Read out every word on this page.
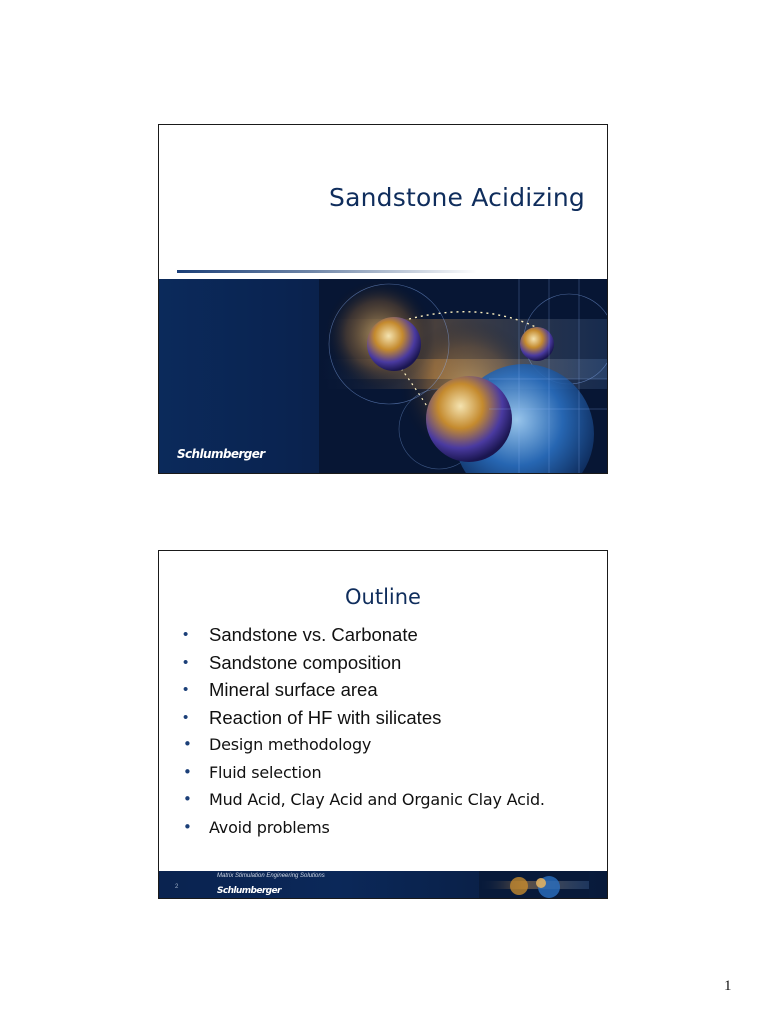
Sandstone Acidizing
Schlumberger
Outline
• Sandstone vs. Carbonate
• Sandstone composition
• Mineral surface area
• Reaction of HF with silicates
• Design methodology
• Fluid selection
• Mud Acid, Clay Acid and Organic Clay Acid.
• Avoid problems
Matrix Stimulation Engineering Solutions
2	Schlumberger
1
